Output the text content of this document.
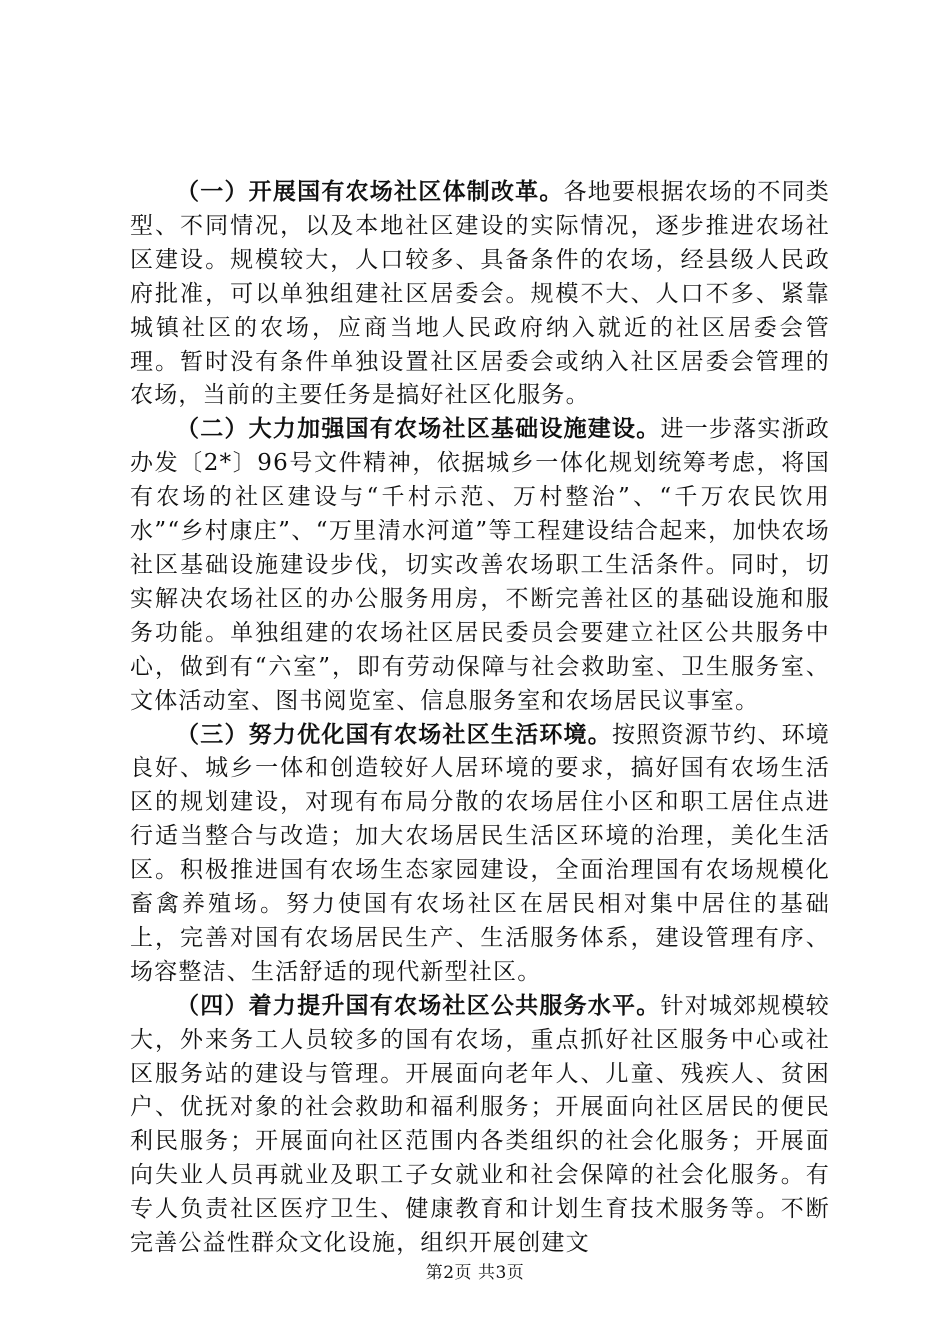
（一）开展国有农场社区体制改革。各地要根据农场的不同类型、不同情况，以及本地社区建设的实际情况，逐步推进农场社区建设。规模较大，人口较多、具备条件的农场，经县级人民政府批准，可以单独组建社区居委会。规模不大、人口不多、紧靠城镇社区的农场，应商当地人民政府纳入就近的社区居委会管理。暂时没有条件单独设置社区居委会或纳入社区居委会管理的农场，当前的主要任务是搞好社区化服务。

（二）大力加强国有农场社区基础设施建设。进一步落实浙政办发〔2*〕96号文件精神，依据城乡一体化规划统筹考虑，将国有农场的社区建设与“千村示范、万村整治”、“千万农民饮用水”“乡村康庄”、“万里清水河道”等工程建设结合起来，加快农场社区基础设施建设步伐，切实改善农场职工生活条件。同时，切实解决农场社区的办公服务用房，不断完善社区的基础设施和服务功能。单独组建的农场社区居民委员会要建立社区公共服务中心，做到有“六室”，即有劳动保障与社会救助室、卫生服务室、文体活动室、图书阅览室、信息服务室和农场居民议事室。

（三）努力优化国有农场社区生活环境。按照资源节约、环境良好、城乡一体和创造较好人居环境的要求，搞好国有农场生活区的规划建设，对现有布局分散的农场居住小区和职工居住点进行适当整合与改造；加大农场居民生活区环境的治理，美化生活区。积极推进国有农场生态家园建设，全面治理国有农场规模化畜禽养殖场。努力使国有农场社区在居民相对集中居住的基础上，完善对国有农场居民生产、生活服务体系，建设管理有序、场容整洁、生活舒适的现代新型社区。

（四）着力提升国有农场社区公共服务水平。针对城郊规模较大，外来务工人员较多的国有农场，重点抓好社区服务中心或社区服务站的建设与管理。开展面向老年人、儿童、残疾人、贫困户、优抚对象的社会救助和福利服务；开展面向社区居民的便民利民服务；开展面向社区范围内各类组织的社会化服务；开展面向失业人员再就业及职工子女就业和社会保障的社会化服务。有专人负责社区医疗卫生、健康教育和计划生育技术服务等。不断完善公益性群众文化设施，组织开展创建文

第2页 共3页
